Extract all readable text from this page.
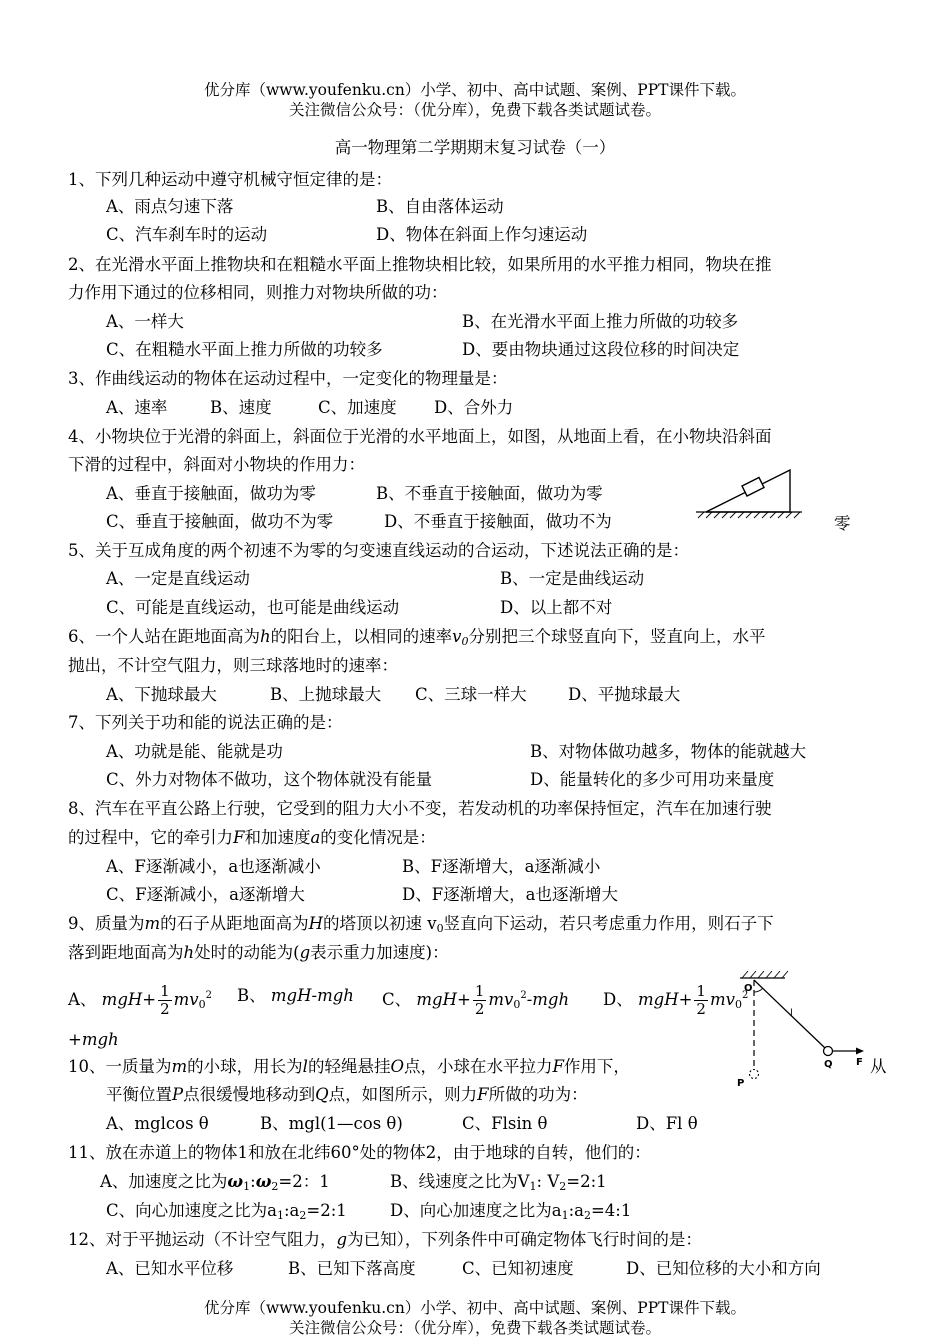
优分库（www.youfenku.cn）小学、初中、高中试题、案例、PPT课件下载。
关注微信公众号：（优分库），免费下载各类试题试卷。
高一物理第二学期期末复习试卷（一）
1、下列几种运动中遵守机械守恒定律的是：
A、雨点匀速下落	B、自由落体运动
C、汽车刹车时的运动	D、物体在斜面上作匀速运动
2、在光滑水平面上推物块和在粗糙水平面上推物块相比较，如果所用的水平推力相同，物块在推
力作用下通过的位移相同，则推力对物块所做的功：
A、一样大	B、在光滑水平面上推力所做的功较多
C、在粗糙水平面上推力所做的功较多	D、要由物块通过这段位移的时间决定
3、作曲线运动的物体在运动过程中，一定变化的物理量是：
A、速率	B、速度	C、加速度 D、合外力
4、小物块位于光滑的斜面上，斜面位于光滑的水平地面上，如图，从地面上看，在小物块沿斜面
下滑的过程中，斜面对小物块的作用力：
A、垂直于接触面，做功为零	B、不垂直于接触面，做功为零
C、垂直于接触面，做功不为零	D、不垂直于接触面，做功不为	零
5、关于互成角度的两个初速不为零的匀变速直线运动的合运动，下述说法正确的是：
A、一定是直线运动	B、一定是曲线运动
C、可能是直线运动，也可能是曲线运动	D、以上都不对
6、一个人站在距地面高为h的阳台上，以相同的速率$v_0$分别把三个球竖直向下，竖直向上，水平
抛出，不计空气阻力，则三球落地时的速率：
A、下抛球最大	B、上抛球最大 C、三球一样大	D、平抛球最大
7、下列关于功和能的说法正确的是：
A、功就是能、能就是功	B、对物体做功越多，物体的能就越大
C、外力对物体不做功，这个物体就没有能量	D、能量转化的多少可用功来量度
8、汽车在平直公路上行驶，它受到的阻力大小不变，若发动机的功率保持恒定，汽车在加速行驶
的过程中，它的牵引力F和加速度a的变化情况是：
A、F逐渐减小，a也逐渐减小	B、F逐渐增大，a逐渐减小
C、F逐渐减小，a逐渐增大	D、F逐渐增大，a也逐渐增大
9、质量为m的石子从距地面高为H的塔顶以初速 $v_0$竖直向下运动，若只考虑重力作用，则石子下
落到距地面高为h处时的动能为(g表示重力加速度)：
A、 $mgH+ \frac{1}{2} mv_0^2$ B、 mgH-mgh C、 $mgH+ \frac{1}{2} mv_0^2-mgh$ D、 $mgH+ \frac{1}{2} mv_0^2$
+mgh
O
l
P
Q F
10、一质量为m的小球，用长为l的轻绳悬挂O点，小球在水平拉力F作用下，	从
平衡位置P点很缓慢地移动到Q点，如图所示，则力F所做的功为：
A、mglcos θ	B、mgl(1—cos θ)	C、Flsin θ	D、Fl θ
11、放在赤道上的物体1和放在北纬60°处的物体2，由于地球的自转，他们的：
A、加速度之比为$\omega_1:\omega_2=2$：1	B、线速度之比为$V_1$: $V_2=2:1$
C、向心加速度之比为$a_1:a_2=2:1$	D、向心加速度之比为$a_1:a_2=4:1$
12、对于平抛运动（不计空气阻力，g为已知），下列条件中可确定物体飞行时间的是：
A、已知水平位移	B、已知下落高度	C、已知初速度	D、已知位移的大小和方向
优分库（www.youfenku.cn）小学、初中、高中试题、案例、PPT课件下载。
关注微信公众号：（优分库），免费下载各类试题试卷。
